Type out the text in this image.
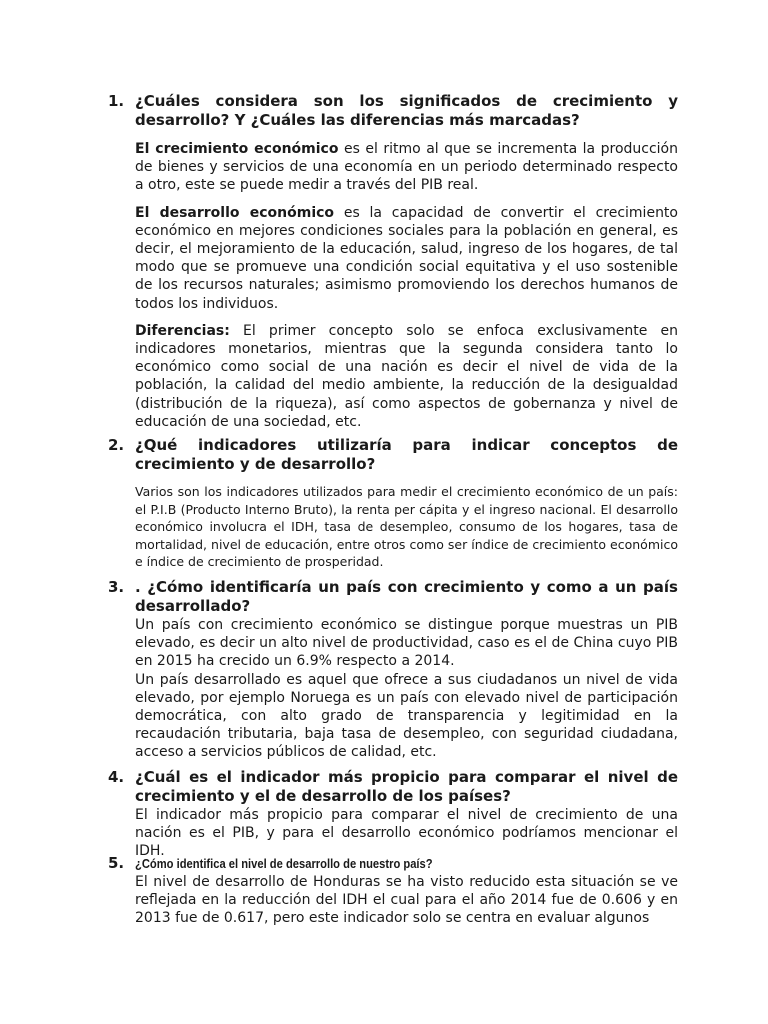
1. ¿Cuáles considera son los significados de crecimiento y desarrollo? Y ¿Cuáles las diferencias más marcadas?

El crecimiento económico es el ritmo al que se incrementa la producción de bienes y servicios de una economía en un periodo determinado respecto a otro, este se puede medir a través del PIB real.

El desarrollo económico es la capacidad de convertir el crecimiento económico en mejores condiciones sociales para la población en general, es decir, el mejoramiento de la educación, salud, ingreso de los hogares, de tal modo que se promueve una condición social equitativa y el uso sostenible de los recursos naturales; asimismo promoviendo los derechos humanos de todos los individuos.

Diferencias: El primer concepto solo se enfoca exclusivamente en indicadores monetarios, mientras que la segunda considera tanto lo económico como social de una nación es decir el nivel de vida de la población, la calidad del medio ambiente, la reducción de la desigualdad (distribución de la riqueza), así como aspectos de gobernanza y nivel de educación de una sociedad, etc.

2. ¿Qué indicadores utilizaría para indicar conceptos de crecimiento y de desarrollo?

Varios son los indicadores utilizados para medir el crecimiento económico de un país: el P.I.B (Producto Interno Bruto), la renta per cápita y el ingreso nacional. El desarrollo económico involucra el IDH, tasa de desempleo, consumo de los hogares, tasa de mortalidad, nivel de educación, entre otros como ser índice de crecimiento económico e índice de crecimiento de prosperidad.

3. . ¿Cómo identificaría un país con crecimiento y como a un país desarrollado?

Un país con crecimiento económico se distingue porque muestras un PIB elevado, es decir un alto nivel de productividad, caso es el de China cuyo PIB en 2015 ha crecido un 6.9% respecto a 2014.

Un país desarrollado es aquel que ofrece a sus ciudadanos un nivel de vida elevado, por ejemplo Noruega es un país con elevado nivel de participación democrática, con alto grado de transparencia y legitimidad en la recaudación tributaria, baja tasa de desempleo, con seguridad ciudadana, acceso a servicios públicos de calidad, etc.

4. ¿Cuál es el indicador más propicio para comparar el nivel de crecimiento y el de desarrollo de los países?

El indicador más propicio para comparar el nivel de crecimiento de una nación es el PIB, y para el desarrollo económico podríamos mencionar el IDH.

5. ¿Cómo identifica el nivel de desarrollo de nuestro país?

El nivel de desarrollo de Honduras se ha visto reducido esta situación se ve reflejada en la reducción del IDH el cual para el año 2014 fue de 0.606 y en 2013 fue de 0.617, pero este indicador solo se centra en evaluar algunos
